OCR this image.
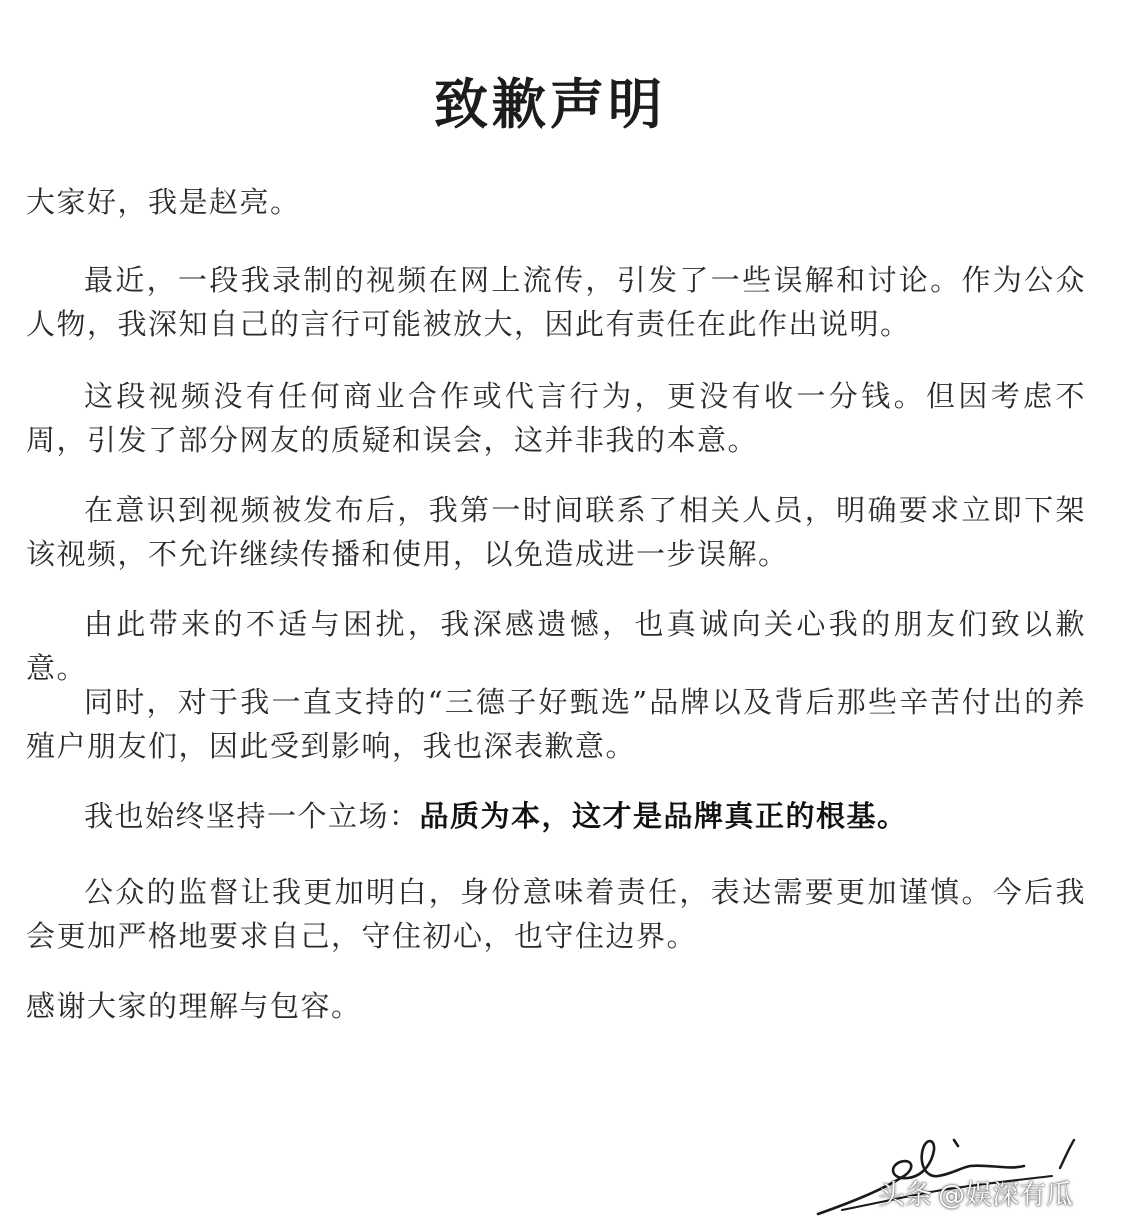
致歉声明

大家好，我是赵亮。

最近，一段我录制的视频在网上流传，引发了一些误解和讨论。作为公众人物，我深知自己的言行可能被放大，因此有责任在此作出说明。

这段视频没有任何商业合作或代言行为，更没有收一分钱。但因考虑不周，引发了部分网友的质疑和误会，这并非我的本意。

在意识到视频被发布后，我第一时间联系了相关人员，明确要求立即下架该视频，不允许继续传播和使用，以免造成进一步误解。

由此带来的不适与困扰，我深感遗憾，也真诚向关心我的朋友们致以歉意。

同时，对于我一直支持的“三德子好甄选”品牌以及背后那些辛苦付出的养殖户朋友们，因此受到影响，我也深表歉意。

我也始终坚持一个立场：品质为本，这才是品牌真正的根基。

公众的监督让我更加明白，身份意味着责任，表达需要更加谨慎。今后我会更加严格地要求自己，守住初心，也守住边界。

感谢大家的理解与包容。

头条 @娱深有瓜
